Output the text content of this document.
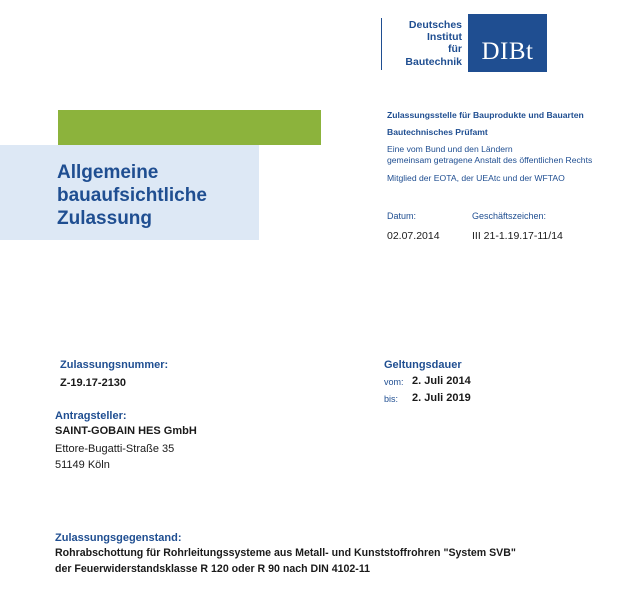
Deutsches
Institut
für
Bautechnik DIBt
Allgemeine
bauaufsichtliche
Zulassung
Zulassungsstelle für Bauprodukte und Bauarten
Bautechnisches Prüfamt
Eine vom Bund und den Ländern
gemeinsam getragene Anstalt des öffentlichen Rechts
Mitglied der EOTA, der UEAtc und der WFTAO
Datum:
02.07.2014
Geschäftszeichen:
III 21-1.19.17-11/14
Zulassungsnummer:
Z-19.17-2130
Geltungsdauer
vom: 2. Juli 2014
bis: 2. Juli 2019
Antragsteller:
SAINT-GOBAIN HES GmbH
Ettore-Bugatti-Straße 35
51149 Köln
Zulassungsgegenstand:
Rohrabschottung für Rohrleitungssysteme aus Metall- und Kunststoffrohren "System SVB"
der Feuerwiderstandsklasse R 120 oder R 90 nach DIN 4102-11
